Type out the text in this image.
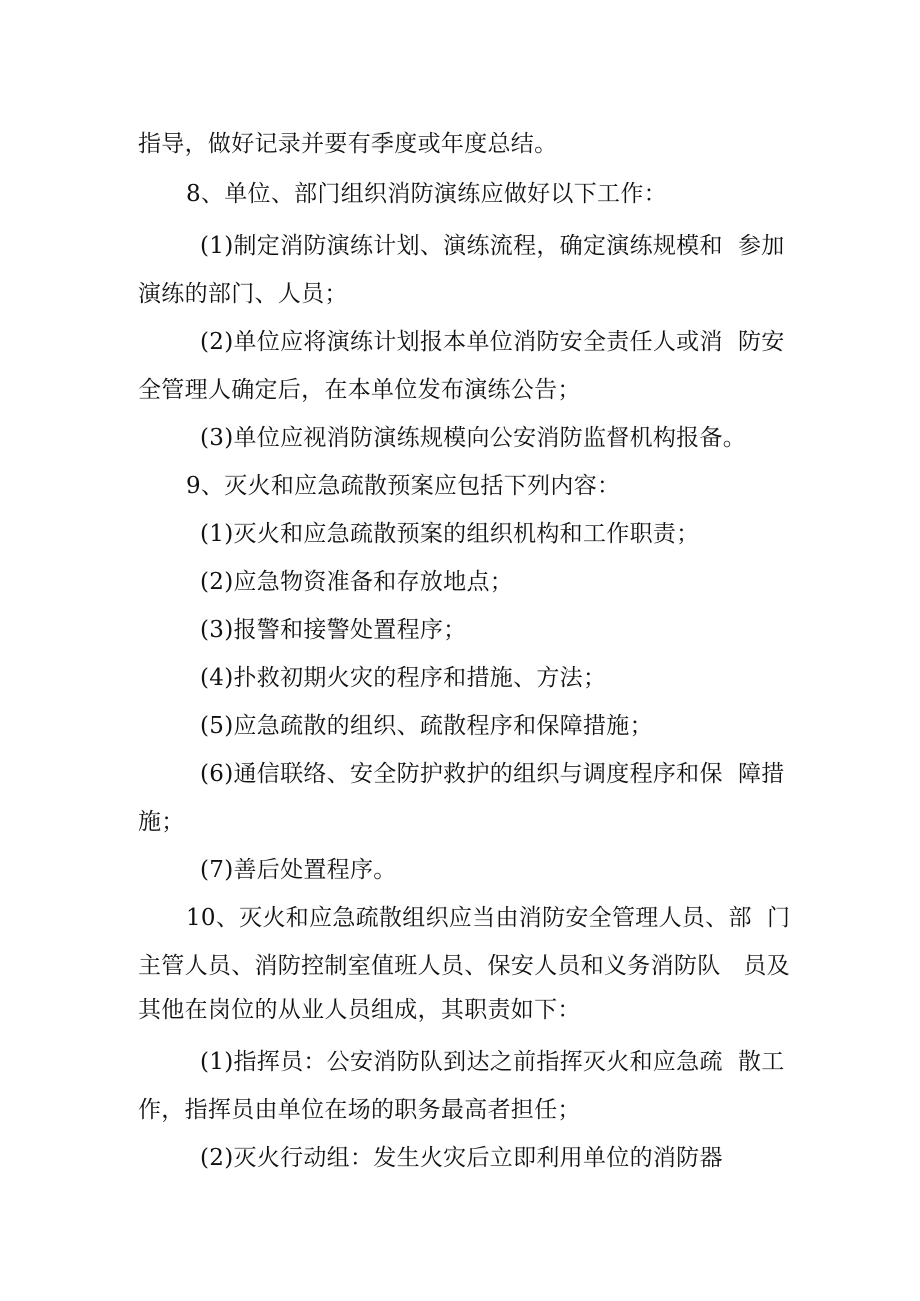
指导，做好记录并要有季度或年度总结。
8、单位、部门组织消防演练应做好以下工作：
(1)制定消防演练计划、演练流程，确定演练规模和  参加
演练的部门、人员；
(2)单位应将演练计划报本单位消防安全责任人或消  防安
全管理人确定后，在本单位发布演练公告；
(3)单位应视消防演练规模向公安消防监督机构报备。
9、灭火和应急疏散预案应包括下列内容：
(1)灭火和应急疏散预案的组织机构和工作职责；
(2)应急物资准备和存放地点；
(3)报警和接警处置程序；
(4)扑救初期火灾的程序和措施、方法；
(5)应急疏散的组织、疏散程序和保障措施；
(6)通信联络、安全防护救护的组织与调度程序和保  障措
施；
(7)善后处置程序。
10、灭火和应急疏散组织应当由消防安全管理人员、部  门
主管人员、消防控制室值班人员、保安人员和义务消防队   员及
其他在岗位的从业人员组成，其职责如下：
(1)指挥员：公安消防队到达之前指挥灭火和应急疏  散工
作，指挥员由单位在场的职务最高者担任；
(2)灭火行动组：发生火灾后立即利用单位的消防器
